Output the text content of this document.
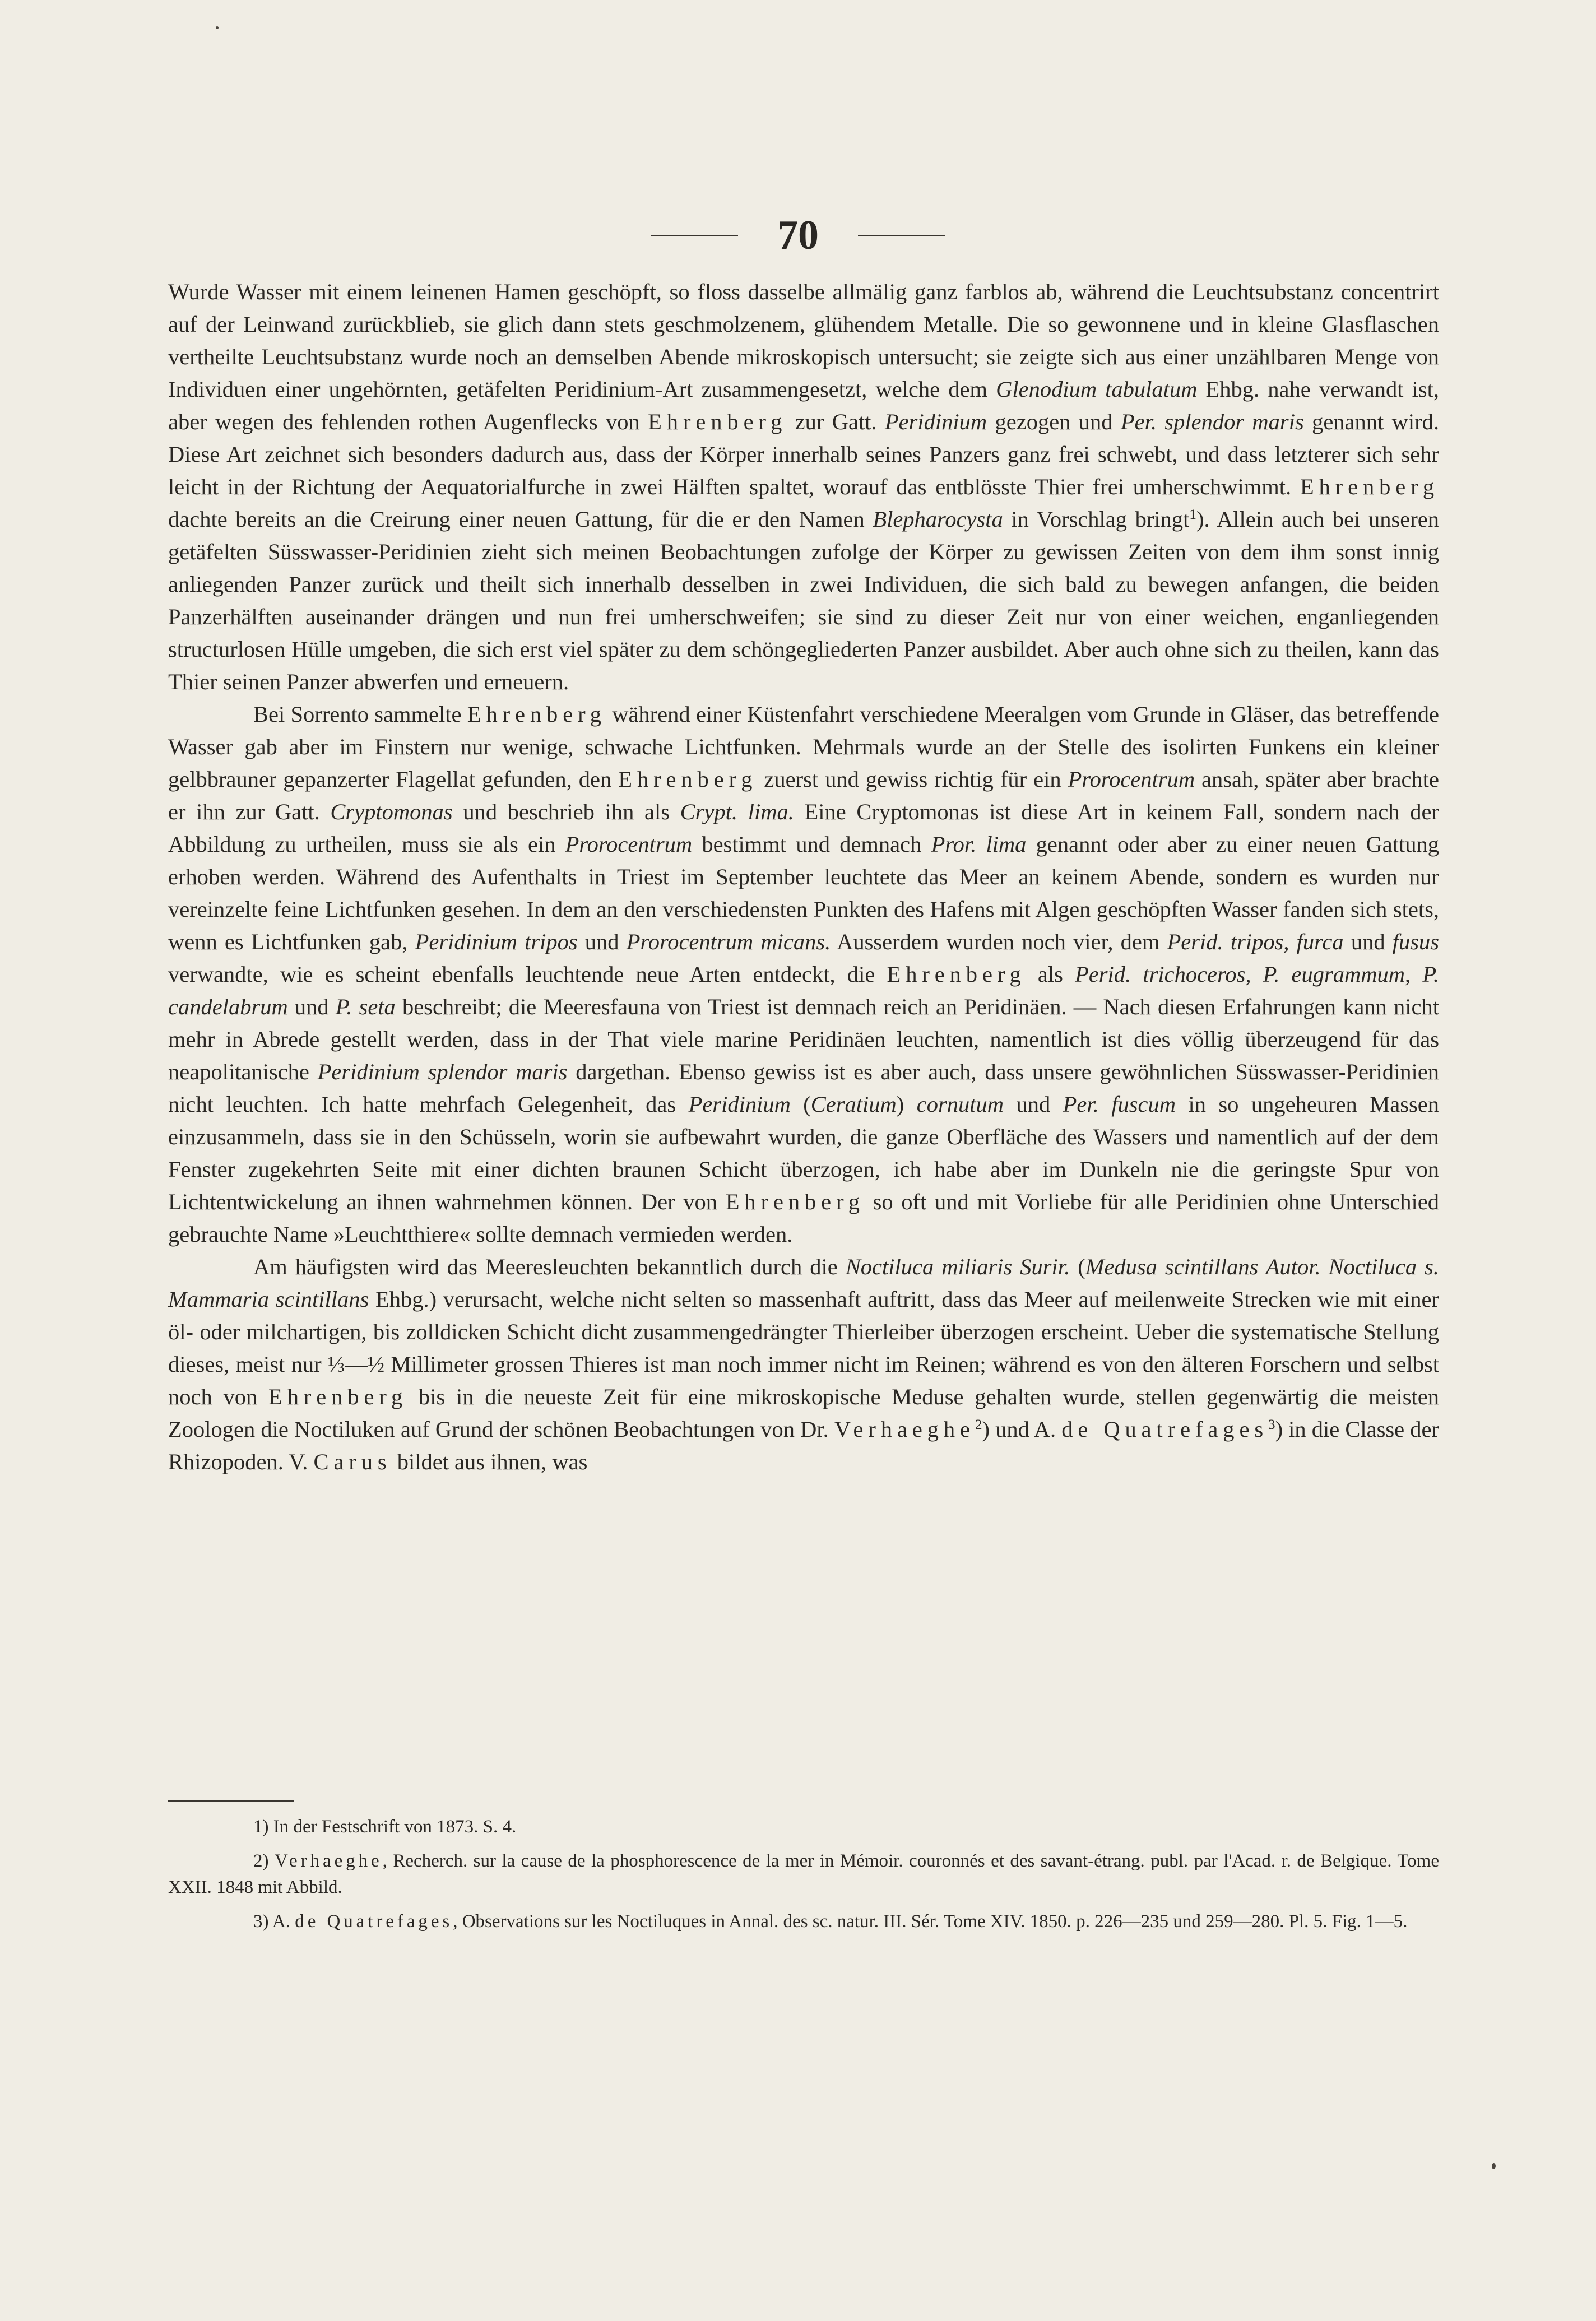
70

Wurde Wasser mit einem leinenen Hamen geschöpft, so floss dasselbe allmälig ganz farblos ab, während die Leuchtsubstanz concentrirt auf der Leinwand zurückblieb, sie glich dann stets geschmolzenem, glühendem Metalle. Die so gewonnene und in kleine Glasflaschen vertheilte Leuchtsubstanz wurde noch an demselben Abende mikroskopisch untersucht; sie zeigte sich aus einer unzählbaren Menge von Individuen einer ungehörnten, getäfelten Peridinium-Art zusammengesetzt, welche dem Glenodium tabulatum Ehbg. nahe verwandt ist, aber wegen des fehlenden rothen Augenflecks von Ehrenberg zur Gatt. Peridinium gezogen und Per. splendor maris genannt wird. Diese Art zeichnet sich besonders dadurch aus, dass der Körper innerhalb seines Panzers ganz frei schwebt, und dass letzterer sich sehr leicht in der Richtung der Aequatorialfurche in zwei Hälften spaltet, worauf das entblösste Thier frei umherschwimmt. Ehrenberg dachte bereits an die Creirung einer neuen Gattung, für die er den Namen Blepharocysta in Vorschlag bringt$^1$). Allein auch bei unseren getäfelten Süsswasser-Peridinien zieht sich meinen Beobachtungen zufolge der Körper zu gewissen Zeiten von dem ihm sonst innig anliegenden Panzer zurück und theilt sich innerhalb desselben in zwei Individuen, die sich bald zu bewegen anfangen, die beiden Panzerhälften auseinander drängen und nun frei umherschweifen; sie sind zu dieser Zeit nur von einer weichen, enganliegenden structurlosen Hülle umgeben, die sich erst viel später zu dem schöngegliederten Panzer ausbildet. Aber auch ohne sich zu theilen, kann das Thier seinen Panzer abwerfen und erneuern.

Bei Sorrento sammelte Ehrenberg während einer Küstenfahrt verschiedene Meeralgen vom Grunde in Gläser, das betreffende Wasser gab aber im Finstern nur wenige, schwache Lichtfunken. Mehrmals wurde an der Stelle des isolirten Funkens ein kleiner gelbbrauner gepanzerter Flagellat gefunden, den Ehrenberg zuerst und gewiss richtig für ein Prorocentrum ansah, später aber brachte er ihn zur Gatt. Cryptomonas und beschrieb ihn als Crypt. lima. Eine Cryptomonas ist diese Art in keinem Fall, sondern nach der Abbildung zu urtheilen, muss sie als ein Prorocentrum bestimmt und demnach Pror. lima genannt oder aber zu einer neuen Gattung erhoben werden. Während des Aufenthalts in Triest im September leuchtete das Meer an keinem Abende, sondern es wurden nur vereinzelte feine Lichtfunken gesehen. In dem an den verschiedensten Punkten des Hafens mit Algen geschöpften Wasser fanden sich stets, wenn es Lichtfunken gab, Peridinium tripos und Prorocentrum micans. Ausserdem wurden noch vier, dem Perid. tripos, furca und fusus verwandte, wie es scheint ebenfalls leuchtende neue Arten entdeckt, die Ehrenberg als Perid. trichoceros, P. eugrammum, P. candelabrum und P. seta beschreibt; die Meeresfauna von Triest ist demnach reich an Peridinäen. — Nach diesen Erfahrungen kann nicht mehr in Abrede gestellt werden, dass in der That viele marine Peridinäen leuchten, namentlich ist dies völlig überzeugend für das neapolitanische Peridinium splendor maris dargethan. Ebenso gewiss ist es aber auch, dass unsere gewöhnlichen Süsswasser-Peridinien nicht leuchten. Ich hatte mehrfach Gelegenheit, das Peridinium (Ceratium) cornutum und Per. fuscum in so ungeheuren Massen einzusammeln, dass sie in den Schüsseln, worin sie aufbewahrt wurden, die ganze Oberfläche des Wassers und namentlich auf der dem Fenster zugekehrten Seite mit einer dichten braunen Schicht überzogen, ich habe aber im Dunkeln nie die geringste Spur von Lichtentwickelung an ihnen wahrnehmen können. Der von Ehrenberg so oft und mit Vorliebe für alle Peridinien ohne Unterschied gebrauchte Name »Leuchtthiere« sollte demnach vermieden werden.

Am häufigsten wird das Meeresleuchten bekanntlich durch die Noctiluca miliaris Surir. (Medusa scintillans Autor. Noctiluca s. Mammaria scintillans Ehbg.) verursacht, welche nicht selten so massenhaft auftritt, dass das Meer auf meilenweite Strecken wie mit einer öl- oder milchartigen, bis zolldicken Schicht dicht zusammengedrängter Thierleiber überzogen erscheint. Ueber die systematische Stellung dieses, meist nur ⅓—½ Millimeter grossen Thieres ist man noch immer nicht im Reinen; während es von den älteren Forschern und selbst noch von Ehrenberg bis in die neueste Zeit für eine mikroskopische Meduse gehalten wurde, stellen gegenwärtig die meisten Zoologen die Noctiluken auf Grund der schönen Beobachtungen von Dr. Verhaeghe$^2$) und A. de Quatrefages$^3$) in die Classe der Rhizopoden. V. Carus bildet aus ihnen, was

1) In der Festschrift von 1873. S. 4.

2) Verhaeghe, Recherch. sur la cause de la phosphorescence de la mer in Mémoir. couronnés et des savant-étrang. publ. par l'Acad. r. de Belgique. Tome XXII. 1848 mit Abbild.

3) A. de Quatrefages, Observations sur les Noctiluques in Annal. des sc. natur. III. Sér. Tome XIV. 1850. p. 226—235 und 259—280. Pl. 5. Fig. 1—5.
